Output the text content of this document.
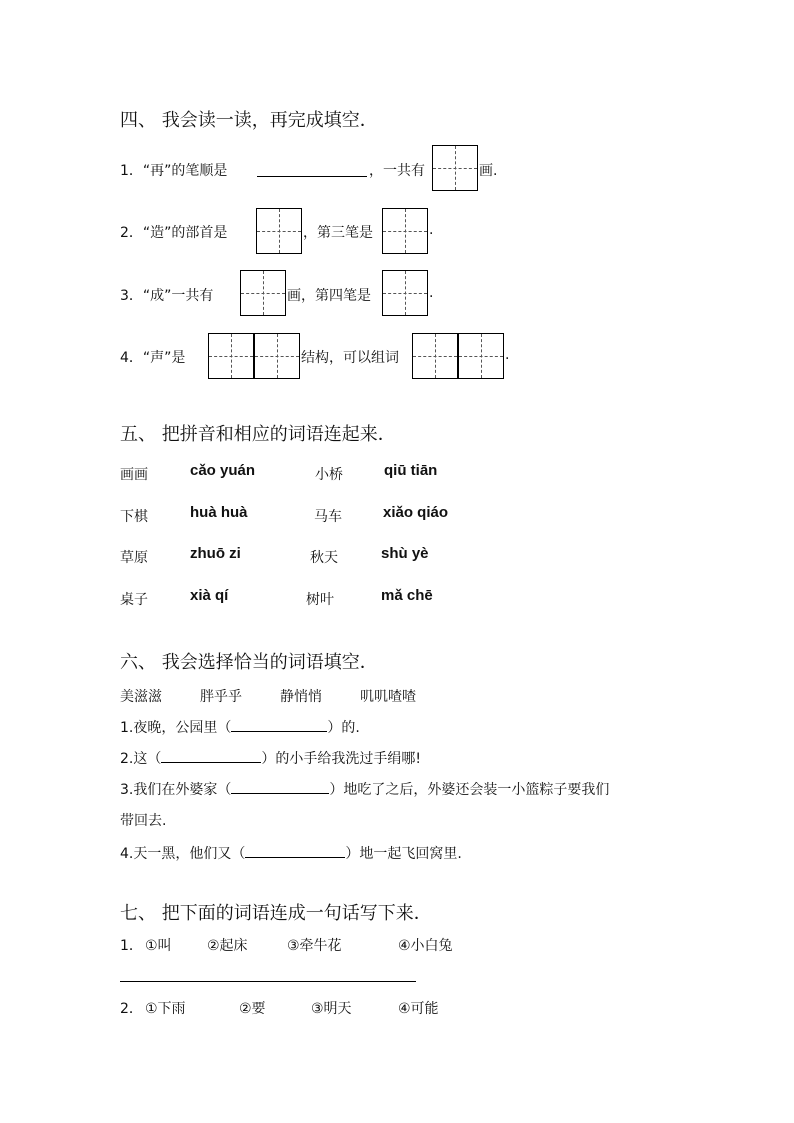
四、 我会读一读，再完成填空．
1．“再”的笔顺是	，一共有	画.
2．“造”的部首是	，第三笔是	.
3．“成”一共有	画，第四笔是	.
4．“声”是	结构，可以组词	.
五、 把拼音和相应的词语连起来．
画画	cǎo yuán	小桥	qiū tiān
下棋	huà huà	马车	xiǎo qiáo
草原	zhuō zi	秋天	shù yè
桌子	xià qí	树叶	mǎ chē
六、 我会选择恰当的词语填空．
美滋滋	胖乎乎	静悄悄	叽叽喳喳
1.夜晚，公园里（	）的.
2.这（	）的小手给我洗过手绢哪!
3.我们在外婆家（	）地吃了之后，外婆还会装一小篮粽子要我们
带回去.
4.天一黑，他们又（	）地一起飞回窝里.
七、 把下面的词语连成一句话写下来．
1． ①叫	②起床	③牵牛花	④小白兔
2． ①下雨	②要	③明天	④可能
